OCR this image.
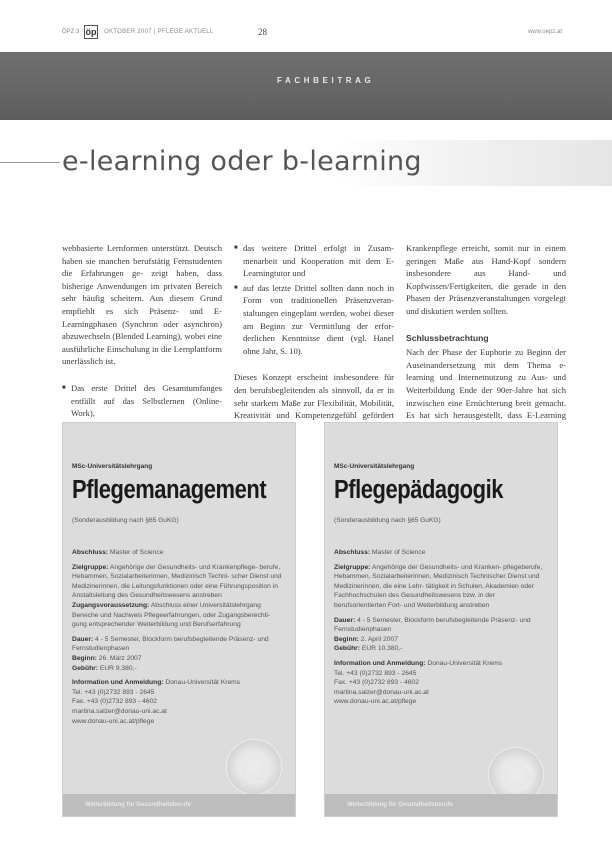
ÖPZ 3 öp OKTOBER 2007 | PFLEGE AKTUELL	28	www.oepz.at
FACHBEITRAG
e-learning oder b-learning

webbasierte Lernformen unterstützt. Deutsch haben sie manchen berufstätig Fernstudenten die Erfahrungen ge- zeigt haben, dass bisherige Anwendungen im privaten Bereich sehr häufig scheitern. Aus diesem Grund empfiehlt es sich Präsenz- und E-Learningphasen (Synchron oder asynchron) abzuwechseln (Blended Learning), wobei eine ausführliche Einschulung in die Lernplattform unerlässlich ist.

■ Das erste Drittel des Gesamtumfanges entfällt auf das Selbstlernen (Online- Work),

■ das weitere Drittel erfolgt in Zusam- menarbeit und Kooperation mit dem E-Learningtutor und

■ auf das letzte Drittel sollten dann noch in Form von traditionellen Präsenzveran- staltungen eingeplant werden, wobei dieser am Beginn zur Vermittlung der erfor- derlichen Kenntnisse dient (vgl. Hanel ohne Jahr, S. 10).

Dieses Konzept erscheint insbesondere für den berufsbegleitenden als sinnvoll, da er in sehr starkem Maße zur Flexibilität, Mobilität, Kreativität und Kompetenzgefühl gefördert

Krankenpflege erreicht, somit nur in einem geringen Maße aus Hand-Kopf sondern insbesondere aus Hand- und Kopfwissen/Fertigkeiten, die gerade in den Phasen der Präsenzveranstaltungen vorgelegt und diskutiert werden sollten.

Schlussbetrachtung

Nach der Phase der Euphorie zu Beginn der Auseinandersetzung mit dem Thema e-learning und Internetnutzung zu Aus- und Weiterbildung Ende der 90er-Jahre hat sich inzwischen eine Ernüchterung breit gemacht. Es hat sich herausgestellt, dass E-Learning

MSc-Universitätslehrgang
Pflegemanagement
(Sonderausbildung nach §65 GuKG)

Abschluss: Master of Science

Zielgruppe: Angehörige der Gesundheits- und Krankenpflege- berufe, Hebammen, Sozialarbeiterinnen, Medizinisch Techni- scher Dienst und Medizinerinnen, die Leitungsfunktionen oder eine Führungsposition in Anstaltsleitung des Gesundheitswesens anstreben

Zugangsvoraussetzung: Abschluss einer Universitätslehrgang Bereiche und Nachweis Pflegeerfahrungen, oder Zugangsberechti- gung entsprechender Weiterbildung und Berufserfahrung

Dauer: 4 - 5 Semester, Blockform berufsbegleitende Präsenz- und Fernstudienphasen
Beginn: 26. März 2007
Gebühr: EUR 9.380,-

Information und Anmeldung: Donau-Universität Krems
Tel. +43 (0)2732 893 - 2645
Fax. +43 (0)2732 893 - 4602
martina.salzer@donau-uni.ac.at
www.donau-uni.ac.at/pflege

Weiterbildung für Gesundheitsberufe
MSc-Universitätslehrgang
Pflegepädagogik
(Sonderausbildung nach §65 GuKG)

Abschluss: Master of Science

Zielgruppe: Angehörige der Gesundheits- und Kranken- pflegeberufe, Hebammen, Sozialarbeiterinnen, Medizinisch Technischer Dienst und Medizinerinnen, die eine Lehr- tätigkeit in Schulen, Akademien oder Fachhochschulen des Gesundheitswesens bzw. in der berufsorientierten Fort- und Weiterbildung anstreben

Dauer: 4 - 5 Semester, Blockform berufsbegleitende Präsenz- und Fernstudienphasen
Beginn: 2. April 2007
Gebühr: EUR 10.380,-

Information und Anmeldung: Donau-Universität Krems
Tel. +43 (0)2732 893 - 2645
Fax. +43 (0)2732 893 - 4602
martina.salzer@donau-uni.ac.at
www.donau-uni.ac.at/pflege

Weiterbildung für Gesundheitsberufe
